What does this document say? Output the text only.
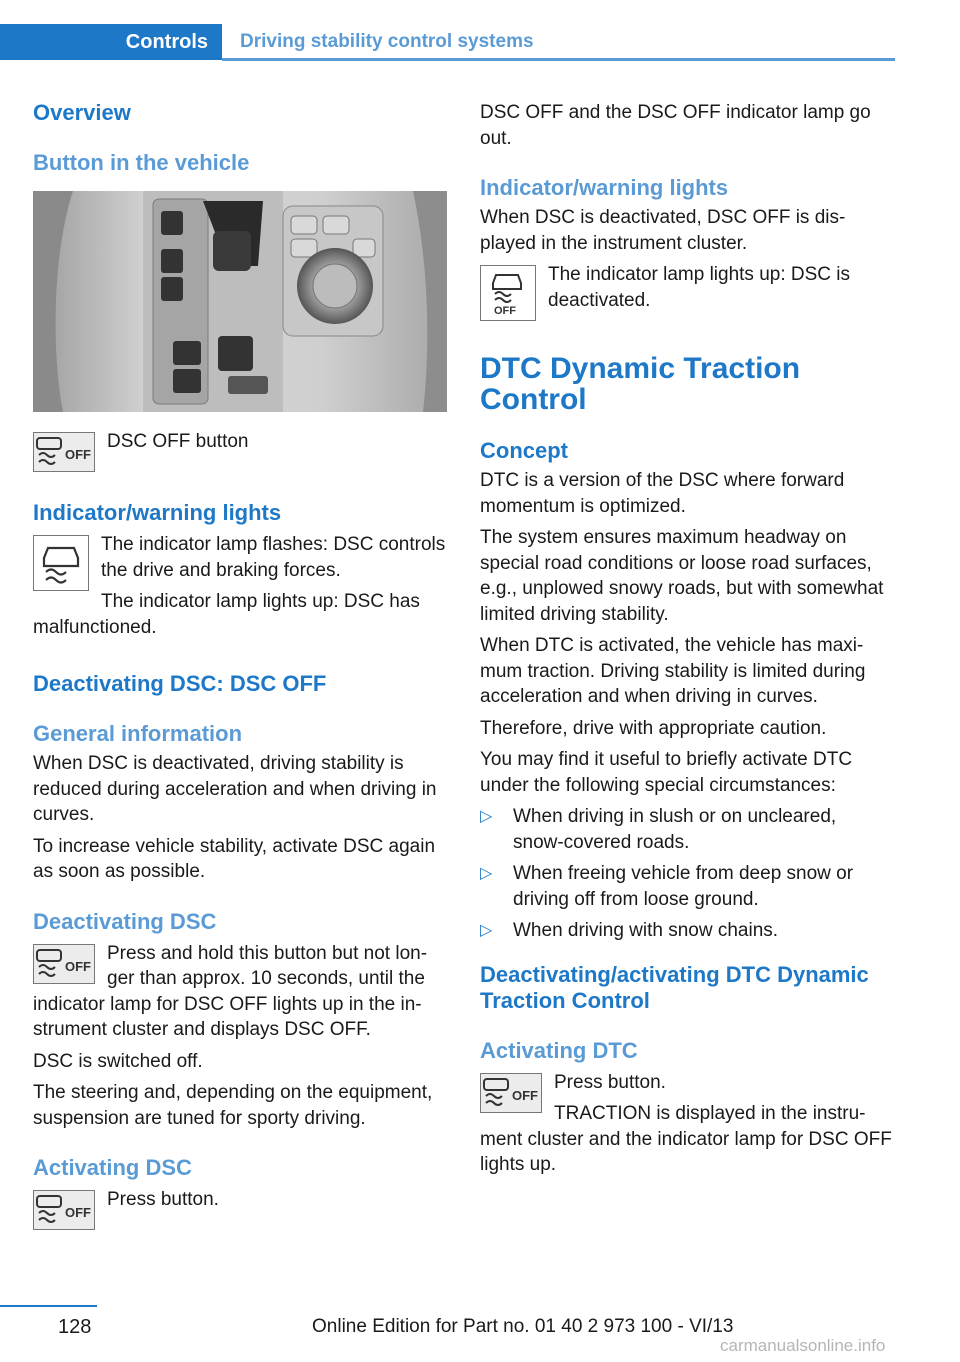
Controls	Driving stability control systems
Overview
Button in the vehicle
OFF

DSC OFF button

Indicator/warning lights

The indicator lamp flashes: DSC controls the drive and braking forces.

The indicator lamp lights up: DSC has malfunctioned.

Deactivating DSC: DSC OFF
General information

When DSC is deactivated, driving stability is reduced during acceleration and when driving in curves.

To increase vehicle stability, activate DSC again as soon as possible.

Deactivating DSC
OFF

Press and hold this button but not longer than approx. 10 seconds, until the indicator lamp for DSC OFF lights up in the instrument cluster and displays DSC OFF.

DSC is switched off.

The steering and, depending on the equipment, suspension are tuned for sporty driving.

Activating DSC
OFF

Press button.

DSC OFF and the DSC OFF indicator lamp go out.

Indicator/warning lights

When DSC is deactivated, DSC OFF is displayed in the instrument cluster.

OFF

The indicator lamp lights up: DSC is deactivated.

DTC Dynamic Traction Control
Concept

DTC is a version of the DSC where forward momentum is optimized.

The system ensures maximum headway on special road conditions or loose road surfaces, e.g., unplowed snowy roads, but with somewhat limited driving stability.

When DTC is activated, the vehicle has maximum traction. Driving stability is limited during acceleration and when driving in curves.

Therefore, drive with appropriate caution.

You may find it useful to briefly activate DTC under the following special circumstances:

▷ When driving in slush or on uncleared, snow-covered roads.
▷ When freeing vehicle from deep snow or driving off from loose ground.
▷ When driving with snow chains.
Deactivating/activating DTC Dynamic Traction Control
Activating DTC
OFF

Press button.

TRACTION is displayed in the instrument cluster and the indicator lamp for DSC OFF lights up.

128	Online Edition for Part no. 01 40 2 973 100 - VI/13
carmanualsonline.info
